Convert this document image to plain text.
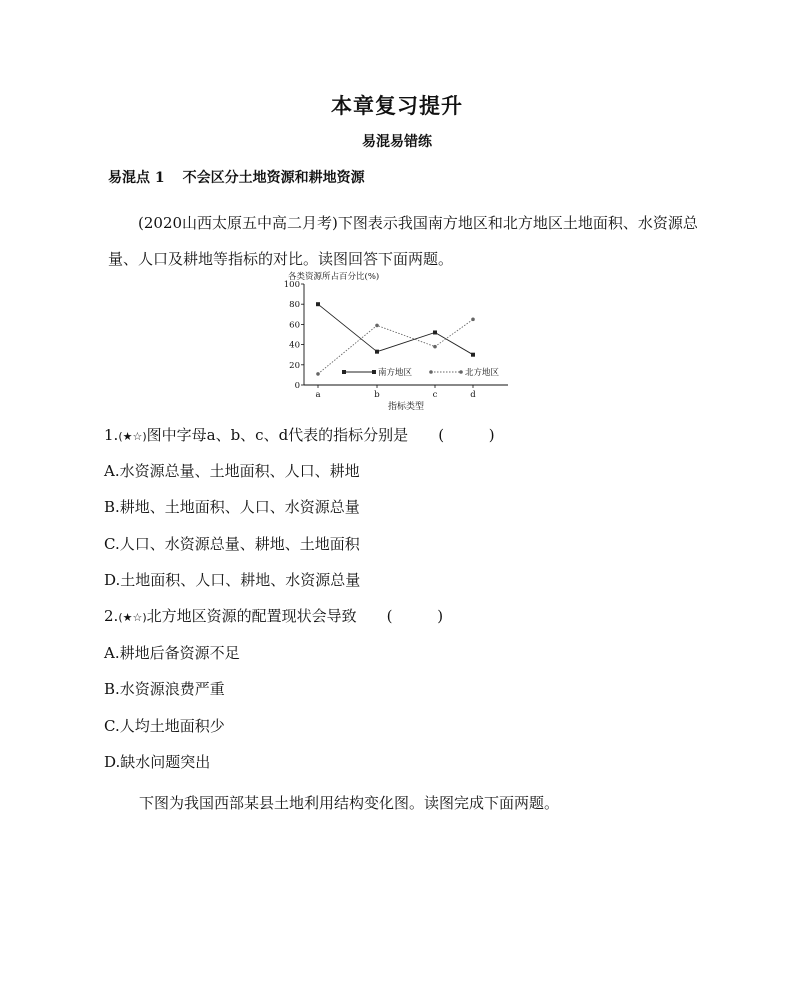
本章复习提升
易混易错练
易混点 1 不会区分土地资源和耕地资源
(2020山西太原五中高二月考)下图表示我国南方地区和北方地区土地面积、水资源总量、人口及耕地等指标的对比。读图回答下面两题。
各类资源所占百分比(%)
0
20
40
60
80
100
a	b	c	d
南方地区	北方地区
指标类型
1.(★☆)图中字母a、b、c、d代表的指标分别是 ( )
A.水资源总量、土地面积、人口、耕地
B.耕地、土地面积、人口、水资源总量
C.人口、水资源总量、耕地、土地面积
D.土地面积、人口、耕地、水资源总量
2.(★☆)北方地区资源的配置现状会导致 ( )
A.耕地后备资源不足
B.水资源浪费严重
C.人均土地面积少
D.缺水问题突出
下图为我国西部某县土地利用结构变化图。读图完成下面两题。
